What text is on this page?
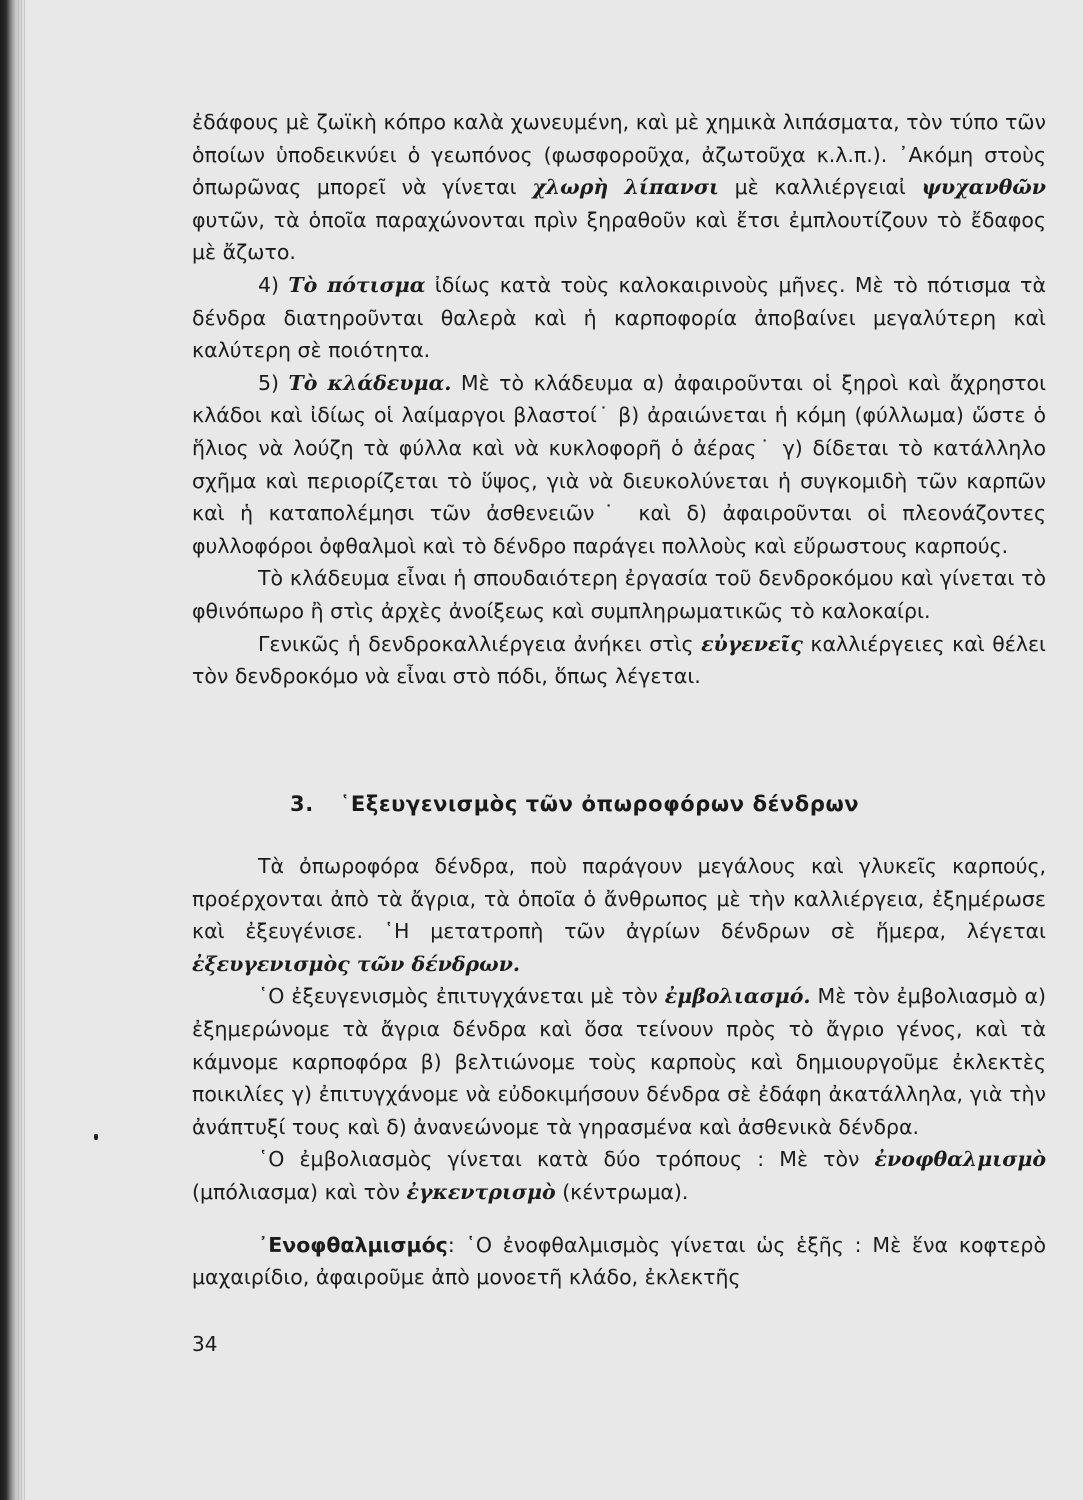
ἐδάφους μὲ ζωϊκὴ κόπρο καλὰ χωνευμένη, καὶ μὲ χημικὰ λιπάσματα, τὸν τύπο τῶν ὁποίων ὑποδεικνύει ὁ γεωπόνος (φωσφοροῦχα, ἀζωτοῦχα κ.λ.π.). ᾿Ακόμη στοὺς ὀπωρῶνας μπορεῖ νὰ γίνεται χλωρὴ λίπανσι μὲ καλλιέργειαἰ ψυχανθῶν φυτῶν, τὰ ὁποῖα παραχώνονται πρὶν ξηραθοῦν καὶ ἔτσι ἐμπλουτίζουν τὸ ἔδαφος μὲ ἄζωτο.

4) Τὸ πότισμα ἰδίως κατὰ τοὺς καλοκαιρινοὺς μῆνες. Μὲ τὸ πότισμα τὰ δένδρα διατηροῦνται θαλερὰ καὶ ἡ καρποφορία ἀποβαίνει μεγαλύτερη καὶ καλύτερη σὲ ποιότητα.

5) Τὸ κλάδευμα. Μὲ τὸ κλάδευμα α) ἀφαιροῦνται οἱ ξηροὶ καὶ ἄχρηστοι κλάδοι καὶ ἰδίως οἱ λαίμαργοι βλαστοί˙ β) ἀραιώνεται ἡ κόμη (φύλλωμα) ὥστε ὁ ἥλιος νὰ λούζη τὰ φύλλα καὶ νὰ κυκλοφορῆ ὁ ἀέρας˙ γ) δίδεται τὸ κατάλληλο σχῆμα καὶ περιορίζεται τὸ ὕψος, γιὰ νὰ διευκολύνεται ἡ συγκομιδὴ τῶν καρπῶν καὶ ἡ καταπολέμησι τῶν ἀσθενειῶν˙ καὶ δ) ἀφαιροῦνται οἱ πλεονάζοντες φυλλοφόροι ὀφθαλμοὶ καὶ τὸ δένδρο παράγει πολλοὺς καὶ εὔρωστους καρπούς.

Τὸ κλάδευμα εἶναι ἡ σπουδαιότερη ἐργασία τοῦ δενδροκόμου καὶ γίνεται τὸ φθινόπωρο ἢ στὶς ἀρχὲς ἀνοίξεως καὶ συμπληρωματικῶς τὸ καλοκαίρι.

Γενικῶς ἡ δενδροκαλλιέργεια ἀνήκει στὶς εὐγενεῖς καλλιέργειες καὶ θέλει τὸν δενδροκόμο νὰ εἶναι στὸ πόδι, ὅπως λέγεται.

3. ῾Εξευγενισμὸς τῶν ὀπωροφόρων δένδρων

Τὰ ὀπωροφόρα δένδρα, ποὺ παράγουν μεγάλους καὶ γλυκεῖς καρπούς, προέρχονται ἀπὸ τὰ ἄγρια, τὰ ὁποῖα ὁ ἄνθρωπος μὲ τὴν καλλιέργεια, ἐξημέρωσε καὶ ἐξευγένισε. ῾Η μετατροπὴ τῶν ἀγρίων δένδρων σὲ ἥμερα, λέγεται ἐξευγενισμὸς τῶν δένδρων.

῾Ο ἐξευγενισμὸς ἐπιτυγχάνεται μὲ τὸν ἐμβολιασμό. Μὲ τὸν ἐμβολιασμὸ α) ἐξημερώνομε τὰ ἄγρια δένδρα καὶ ὅσα τείνουν πρὸς τὸ ἄγριο γένος, καὶ τὰ κάμνομε καρποφόρα β) βελτιώνομε τοὺς καρποὺς καὶ δημιουργοῦμε ἐκλεκτὲς ποικιλίες γ) ἐπιτυγχάνομε νὰ εὐδοκιμήσουν δένδρα σὲ ἐδάφη ἀκατάλληλα, γιὰ τὴν ἀνάπτυξί τους καὶ δ) ἀνανεώνομε τὰ γηρασμένα καὶ ἀσθενικὰ δένδρα.

῾Ο ἐμβολιασμὸς γίνεται κατὰ δύο τρόπους : Μὲ τὸν ἐνοφθαλμισμὸ (μπόλιασμα) καὶ τὸν ἐγκεντρισμὸ (κέντρωμα).

᾿Ενοφθαλμισμός: ῾Ο ἐνοφθαλμισμὸς γίνεται ὡς ἑξῆς : Μὲ ἕνα κοφτερὸ μαχαιρίδιο, ἀφαιροῦμε ἀπὸ μονοετῆ κλάδο, ἐκλεκτῆς

34
